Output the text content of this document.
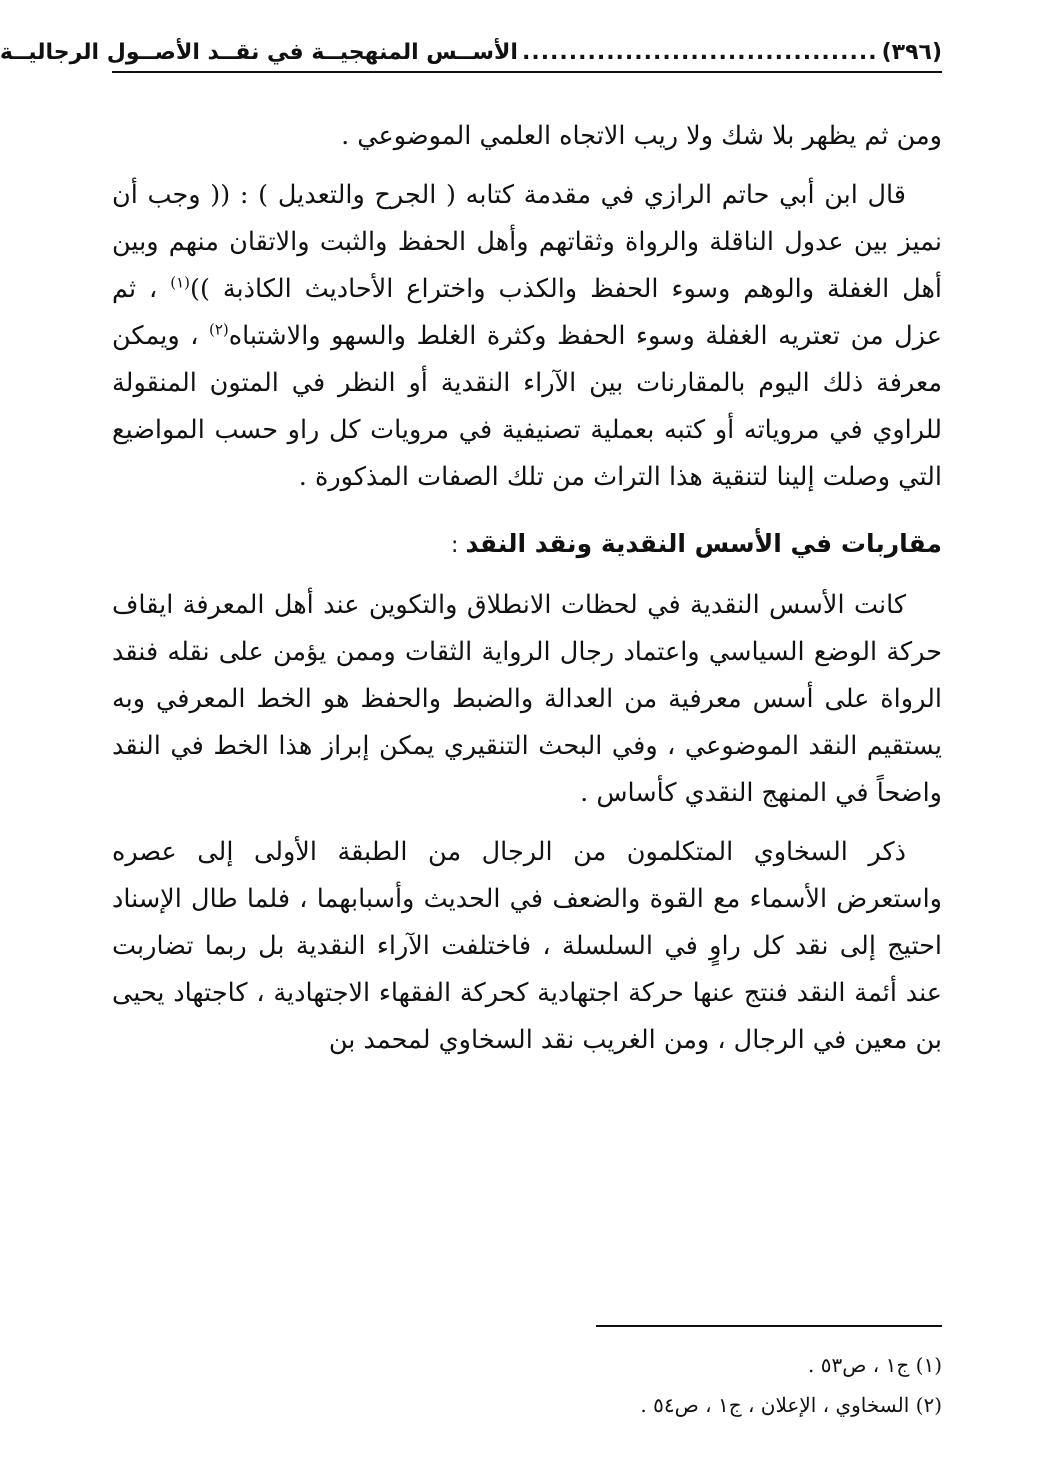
(٣٩٦)
......................................
الأســس المنهجيــة في نقــد الأصــول الرجاليــة

ومن ثم يظهر بلا شك ولا ريب الاتجاه العلمي الموضوعي .

قال ابن أبي حاتم الرازي في مقدمة كتابه ( الجرح والتعديل ) : (( وجب أن نميز بين عدول الناقلة والرواة وثقاتهم وأهل الحفظ والثبت والاتقان منهم وبين أهل الغفلة والوهم وسوء الحفظ والكذب واختراع الأحاديث الكاذبة ))$^{(١)}$ ، ثم عزل من تعتريه الغفلة وسوء الحفظ وكثرة الغلط والسهو والاشتباه$^{(٢)}$ ، ويمكن معرفة ذلك اليوم بالمقارنات بين الآراء النقدية أو النظر في المتون المنقولة للراوي في مروياته أو كتبه بعملية تصنيفية في مرويات كل راو حسب المواضيع التي وصلت إلينا لتنقية هذا التراث من تلك الصفات المذكورة .

مقاربات في الأسس النقدية ونقد النقد :

كانت الأسس النقدية في لحظات الانطلاق والتكوين عند أهل المعرفة ايقاف حركة الوضع السياسي واعتماد رجال الرواية الثقات وممن يؤمن على نقله فنقد الرواة على أسس معرفية من العدالة والضبط والحفظ هو الخط المعرفي وبه يستقيم النقد الموضوعي ، وفي البحث التنقيري يمكن إبراز هذا الخط في النقد واضحاً في المنهج النقدي كأساس .

ذكر السخاوي المتكلمون من الرجال من الطبقة الأولى إلى عصره واستعرض الأسماء مع القوة والضعف في الحديث وأسبابهما ، فلما طال الإسناد احتيج إلى نقد كل راوٍ في السلسلة ، فاختلفت الآراء النقدية بل ربما تضاربت عند أئمة النقد فنتج عنها حركة اجتهادية كحركة الفقهاء الاجتهادية ، كاجتهاد يحيى بن معين في الرجال ، ومن الغريب نقد السخاوي لمحمد بن

(١) ج١ ، ص٥٣ .

(٢) السخاوي ، الإعلان ، ج١ ، ص٥٤ .
